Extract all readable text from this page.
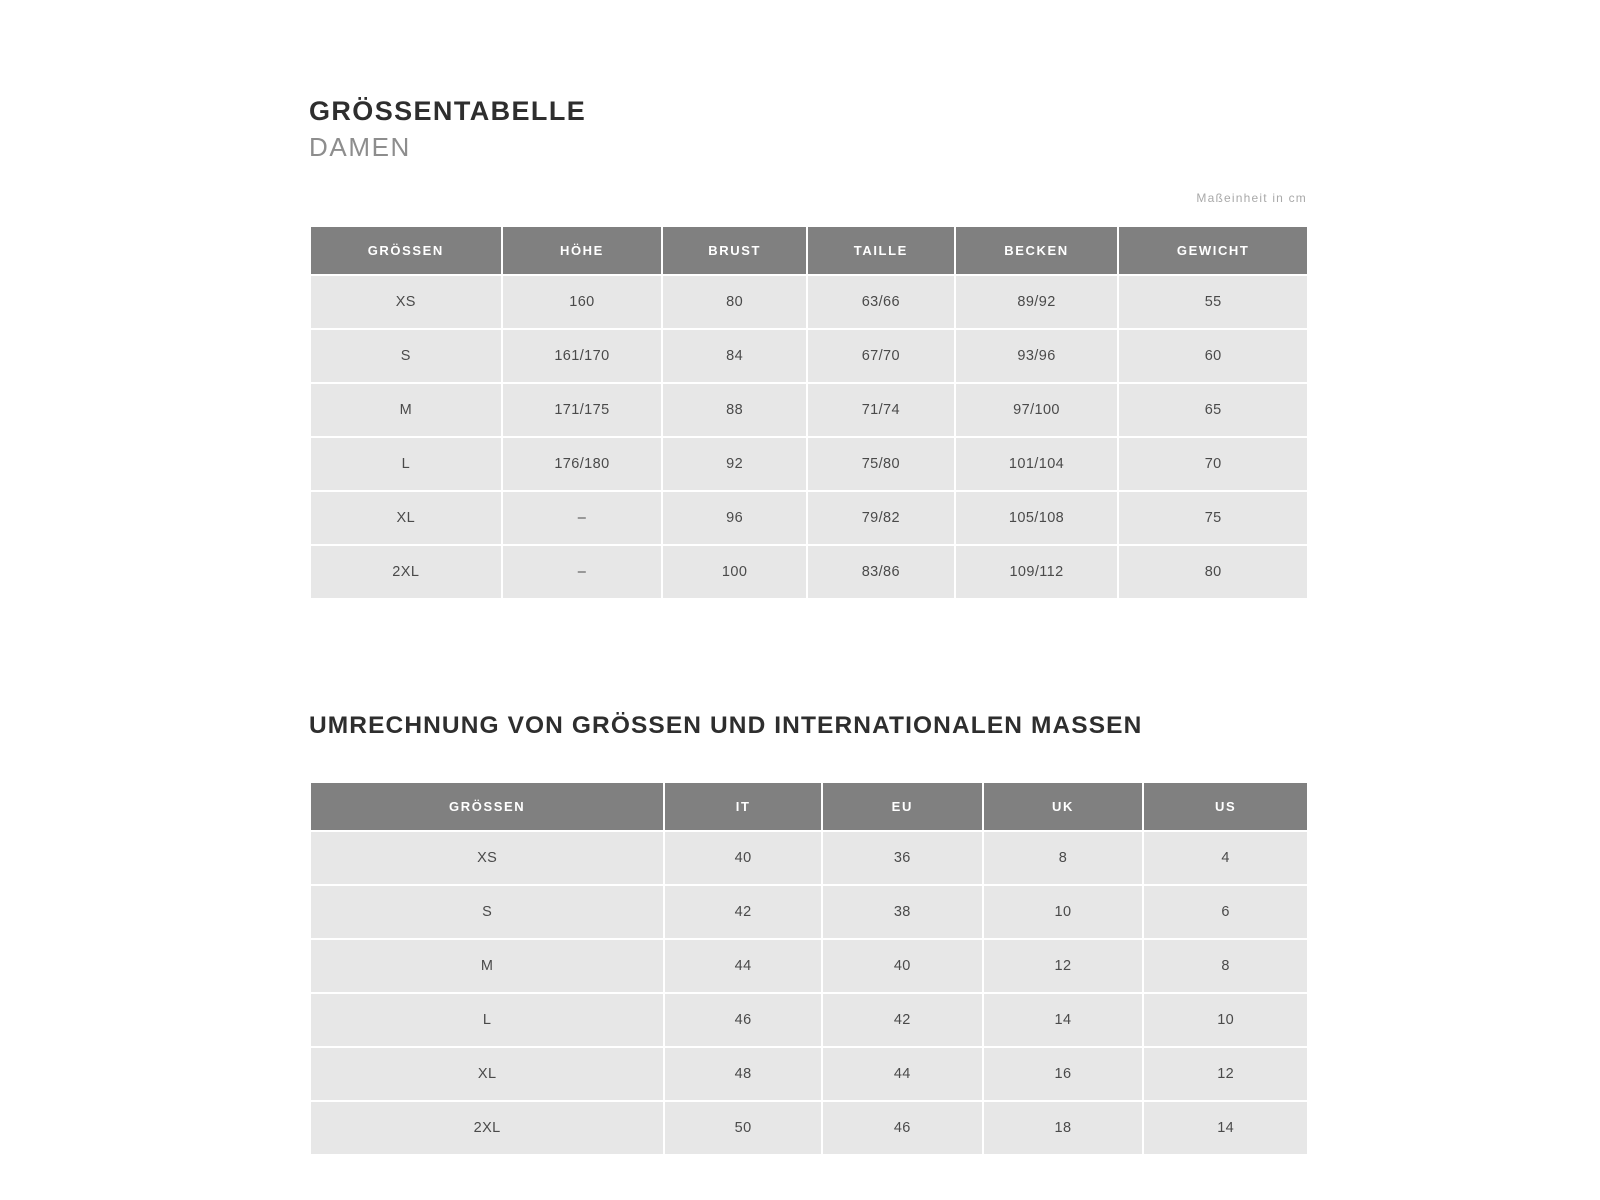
GRÖSSENTABELLE
DAMEN
Maßeinheit in cm
GRÖSSEN	HÖHE	BRUST	TAILLE	BECKEN	GEWICHT
XS	160	80	63/66	89/92	55
S	161/170	84	67/70	93/96	60
M	171/175	88	71/74	97/100	65
L	176/180	92	75/80	101/104	70
XL	–	96	79/82	105/108	75
2XL	–	100	83/86	109/112	80
UMRECHNUNG VON GRÖSSEN UND INTERNATIONALEN MASSEN
GRÖSSEN	IT	EU	UK	US
XS	40	36	8	4
S	42	38	10	6
M	44	40	12	8
L	46	42	14	10
XL	48	44	16	12
2XL	50	46	18	14
